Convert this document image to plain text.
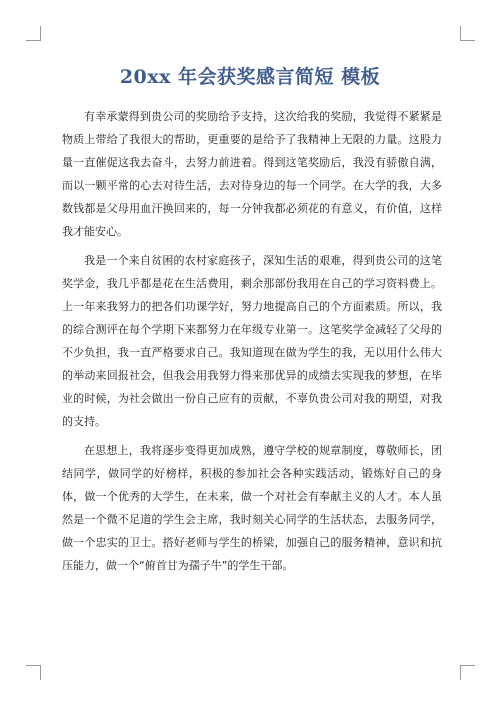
20xx 年会获奖感言简短 模板

有幸承蒙得到贵公司的奖励给予支持，这次给我的奖励，我觉得不紧紧是物质上带给了我很大的帮助，更重要的是给予了我精神上无限的力量。这股力量一直催促这我去奋斗，去努力前进着。得到这笔奖励后，我没有骄傲自满，而以一颗平常的心去对待生活，去对待身边的每一个同学。在大学的我，大多数钱都是父母用血汗换回来的，每一分钟我都必须花的有意义，有价值，这样我才能安心。

我是一个来自贫困的农村家庭孩子，深知生活的艰难，得到贵公司的这笔奖学金，我几乎都是花在生活费用，剩余那部份我用在自己的学习资料费上。上一年来我努力的把各们功课学好，努力地提高自己的个方面素质。所以，我的综合测评在每个学期下来都努力在年级专业第一。这笔奖学金减轻了父母的不少负担，我一直严格要求自己。我知道现在做为学生的我，无以用什么伟大的举动来回报社会，但我会用我努力得来那优异的成绩去实现我的梦想，在毕业的时候，为社会做出一份自己应有的贡献，不辜负贵公司对我的期望，对我的支持。

在思想上，我将逐步变得更加成熟，遵守学校的规章制度，尊敬师长，团结同学，做同学的好榜样，积极的参加社会各种实践活动，锻炼好自己的身体，做一个优秀的大学生，在未来，做一个对社会有奉献主义的人才。本人虽然是一个微不足道的学生会主席，我时刻关心同学的生活状态，去服务同学，做一个忠实的卫士。搭好老师与学生的桥梁，加强自己的服务精神，意识和抗压能力，做一个“俯首甘为孺子牛”的学生干部。
